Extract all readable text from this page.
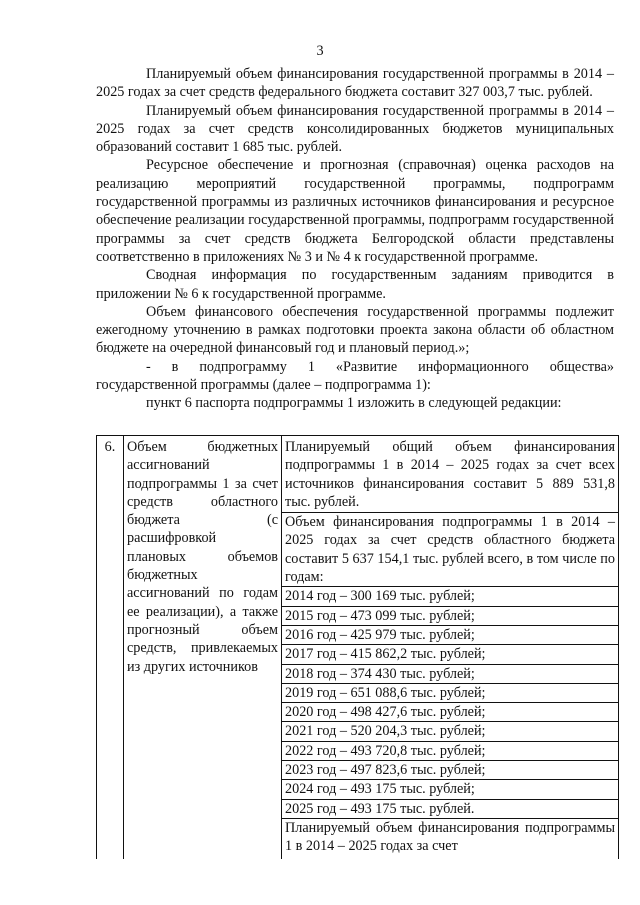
3

Планируемый объем финансирования государственной программы в 2014 – 2025 годах за счет средств федерального бюджета составит 327 003,7 тыс. рублей.

Планируемый объем финансирования государственной программы в 2014 – 2025 годах за счет средств консолидированных бюджетов муниципальных образований составит 1 685 тыс. рублей.

Ресурсное обеспечение и прогнозная (справочная) оценка расходов на реализацию мероприятий государственной программы, подпрограмм государственной программы из различных источников финансирования и ресурсное обеспечение реализации государственной программы, подпрограмм государственной программы за счет средств бюджета Белгородской области представлены соответственно в приложениях № 3 и № 4 к государственной программе.

Сводная информация по государственным заданиям приводится в приложении № 6 к государственной программе.

Объем финансового обеспечения государственной программы подлежит ежегодному уточнению в рамках подготовки проекта закона области об областном бюджете на очередной финансовый год и плановый период.»;

- в подпрограмму 1 «Развитие информационного общества» государственной программы (далее – подпрограмма 1):

пункт 6 паспорта подпрограммы 1 изложить в следующей редакции:

6. Объем бюджетных ассигнований подпрограммы 1 за счет средств областного бюджета (с расшифровкой плановых объемов бюджетных ассигнований по годам ее реализации), а также прогнозный объем средств, привлекаемых из других источников
Планируемый общий объем финансирования подпрограммы 1 в 2014 – 2025 годах за счет всех источников финансирования составит 5 889 531,8 тыс. рублей.
Объем финансирования подпрограммы 1 в 2014 – 2025 годах за счет средств областного бюджета составит 5 637 154,1 тыс. рублей всего, в том числе по годам:
2014 год – 300 169 тыс. рублей;
2015 год – 473 099 тыс. рублей;
2016 год – 425 979 тыс. рублей;
2017 год – 415 862,2 тыс. рублей;
2018 год – 374 430 тыс. рублей;
2019 год – 651 088,6 тыс. рублей;
2020 год – 498 427,6 тыс. рублей;
2021 год – 520 204,3 тыс. рублей;
2022 год – 493 720,8 тыс. рублей;
2023 год – 497 823,6 тыс. рублей;
2024 год – 493 175 тыс. рублей;
2025 год – 493 175 тыс. рублей.
Планируемый объем финансирования подпрограммы 1 в 2014 – 2025 годах за счет
